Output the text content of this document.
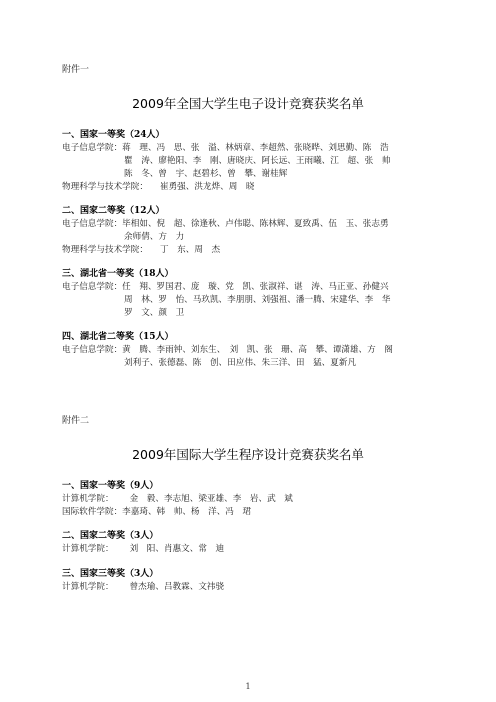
附件一
2009年全国大学生电子设计竞赛获奖名单
一、国家一等奖（24人）
电子信息学院：蒋　理、冯　思、张　溢、林炳章、李超然、张晓晔、刘思勤、陈　浩
瞿　涛、廖艳阳、李　刚、唐晓庆、阿长远、王雨曦、江　超、张　帅
陈　冬、曾　宇、赵碧杉、曾　攀、谢桂辉
物理科学与技术学院： 崔勇强、洪龙烨、周　晓
二、国家二等奖（12人）
电子信息学院：毕相如、倪　超、徐逢秋、卢伟聪、陈林辉、夏致禹、伍　玉、张志勇
余师倩、方　力
物理科学与技术学院： 丁　东、周　杰
三、湖北省一等奖（18人）
电子信息学院：任　翔、罗国君、庞　璇、党　凯、张淑祥、谌　涛、马正亚、孙健兴
周　林、罗　怡、马玖凯、李朋朋、刘强祖、潘一腾、宋建华、李　华
罗　文、颜　卫
四、湖北省二等奖（15人）
电子信息学院：黄　腾、李雨钟、刘东生、　刘　凯、张　珊、高　攀、谭潇雄、方　阁
刘利子、张德磊、陈　创、田应伟、朱三洋、田　猛、夏新凡
附件二
2009年国际大学生程序设计竞赛获奖名单
一、国家一等奖（9人）
计算机学院： 金　毅、李志旭、梁亚雄、李　岩、武　斌
国际软件学院：李嘉琦、韩　帅、杨　洋、冯　珺
二、国家二等奖（3人）
计算机学院： 刘　阳、肖惠文、常　迪
三、国家三等奖（3人）
计算机学院： 曾杰瑜、吕教霖、文祎骁
1
